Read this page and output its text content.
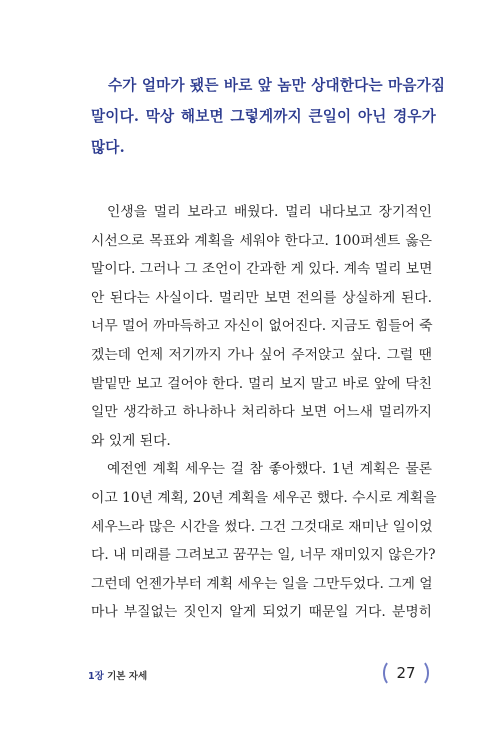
수가 얼마가 됐든 바로 앞 놈만 상대한다는 마음가짐
말이다. 막상 해보면 그렇게까지 큰일이 아닌 경우가
많다.

인생을 멀리 보라고 배웠다. 멀리 내다보고 장기적인
시선으로 목표와 계획을 세워야 한다고. 100퍼센트 옳은
말이다. 그러나 그 조언이 간과한 게 있다. 계속 멀리 보면
안 된다는 사실이다. 멀리만 보면 전의를 상실하게 된다.
너무 멀어 까마득하고 자신이 없어진다. 지금도 힘들어 죽
겠는데 언제 저기까지 가나 싶어 주저앉고 싶다. 그럴 땐
발밑만 보고 걸어야 한다. 멀리 보지 말고 바로 앞에 닥친
일만 생각하고 하나하나 처리하다 보면 어느새 멀리까지
와 있게 된다.

예전엔 계획 세우는 걸 참 좋아했다. 1년 계획은 물론
이고 10년 계획, 20년 계획을 세우곤 했다. 수시로 계획을
세우느라 많은 시간을 썼다. 그건 그것대로 재미난 일이었
다. 내 미래를 그려보고 꿈꾸는 일, 너무 재미있지 않은가?
그런데 언젠가부터 계획 세우는 일을 그만두었다. 그게 얼
마나 부질없는 짓인지 알게 되었기 때문일 거다. 분명히

1장 기본 자세	27
